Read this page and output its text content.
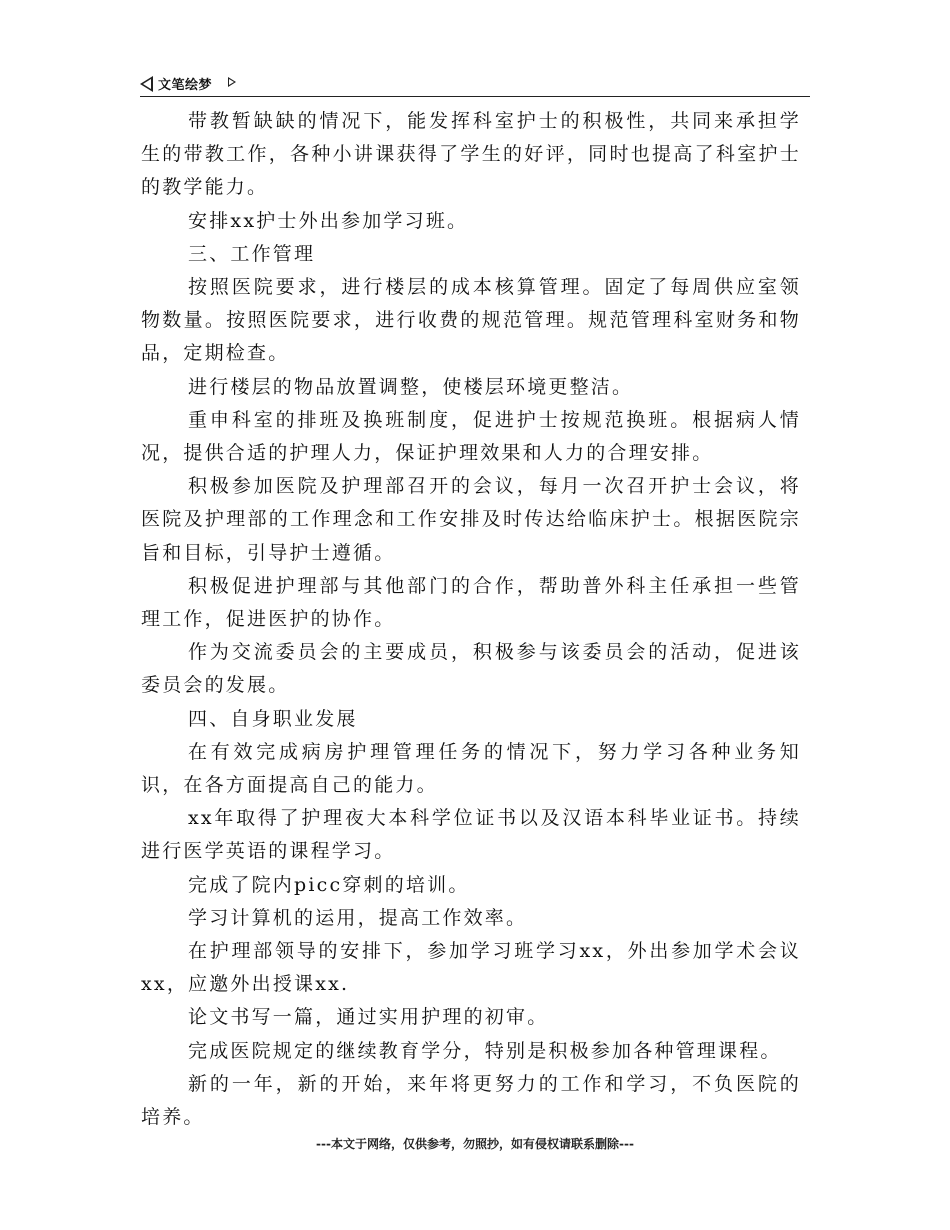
文笔绘梦

带教暂缺缺的情况下，能发挥科室护士的积极性，共同来承担学生的带教工作，各种小讲课获得了学生的好评，同时也提高了科室护士的教学能力。

安排xx护士外出参加学习班。

三、工作管理

按照医院要求，进行楼层的成本核算管理。固定了每周供应室领物数量。按照医院要求，进行收费的规范管理。规范管理科室财务和物品，定期检查。

进行楼层的物品放置调整，使楼层环境更整洁。

重申科室的排班及换班制度，促进护士按规范换班。根据病人情况，提供合适的护理人力，保证护理效果和人力的合理安排。

积极参加医院及护理部召开的会议，每月一次召开护士会议，将医院及护理部的工作理念和工作安排及时传达给临床护士。根据医院宗旨和目标，引导护士遵循。

积极促进护理部与其他部门的合作，帮助普外科主任承担一些管理工作，促进医护的协作。

作为交流委员会的主要成员，积极参与该委员会的活动，促进该委员会的发展。

四、自身职业发展

在有效完成病房护理管理任务的情况下，努力学习各种业务知识，在各方面提高自己的能力。

xx年取得了护理夜大本科学位证书以及汉语本科毕业证书。持续进行医学英语的课程学习。

完成了院内picc穿刺的培训。

学习计算机的运用，提高工作效率。

在护理部领导的安排下，参加学习班学习xx，外出参加学术会议xx，应邀外出授课xx.

论文书写一篇，通过实用护理的初审。

完成医院规定的继续教育学分，特别是积极参加各种管理课程。

新的一年，新的开始，来年将更努力的工作和学习，不负医院的培养。

---本文于网络，仅供参考，勿照抄，如有侵权请联系删除---
